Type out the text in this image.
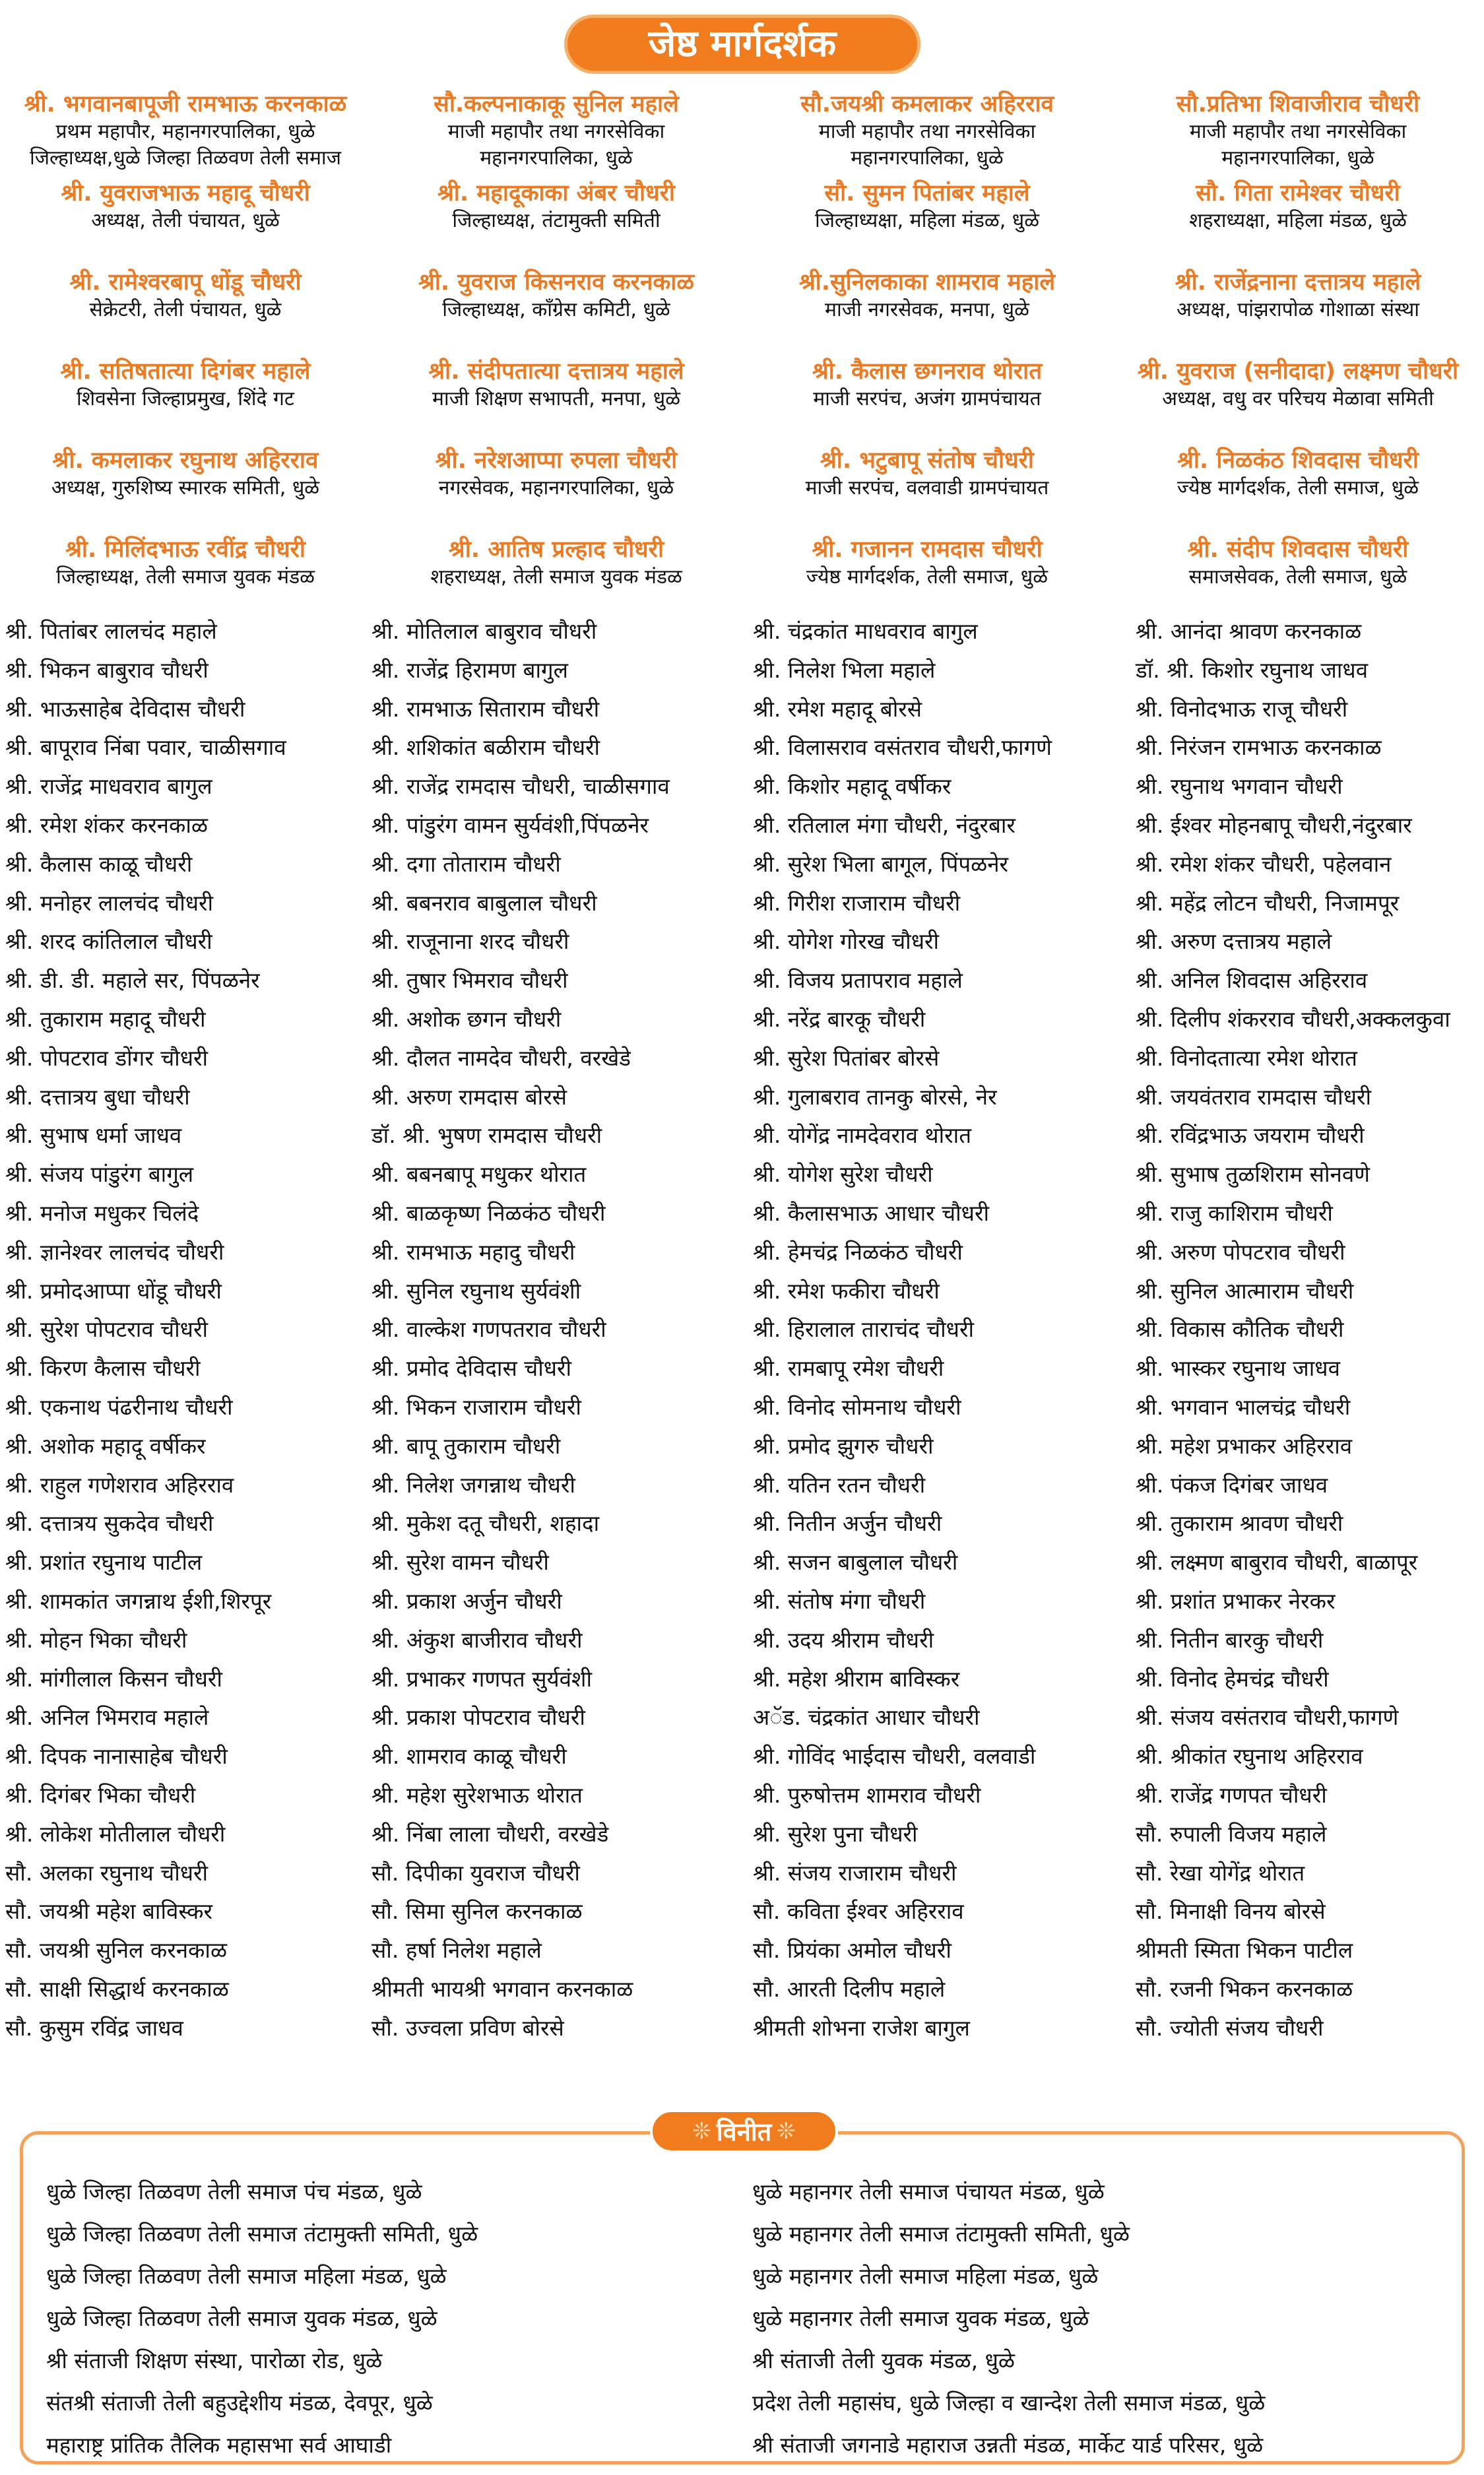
जेष्ठ मार्गदर्शक
श्री. भगवानबापूजी रामभाऊ करनकाळ
प्रथम महापौर, महानगरपालिका, धुळे
जिल्हाध्यक्ष,धुळे जिल्हा तिळवण तेली समाज
सौ.कल्पनाकाकू सुनिल महाले
माजी महापौर तथा नगरसेविका
महानगरपालिका, धुळे
सौ.जयश्री कमलाकर अहिरराव
माजी महापौर तथा नगरसेविका
महानगरपालिका, धुळे
सौ.प्रतिभा शिवाजीराव चौधरी
माजी महापौर तथा नगरसेविका
महानगरपालिका, धुळे
श्री. युवराजभाऊ महादू चौधरी
अध्यक्ष, तेली पंचायत, धुळे
श्री. महादूकाका अंबर चौधरी
जिल्हाध्यक्ष, तंटामुक्ती समिती
सौ. सुमन पितांबर महाले
जिल्हाध्यक्षा, महिला मंडळ, धुळे
सौ. गिता रामेश्वर चौधरी
शहराध्यक्षा, महिला मंडळ, धुळे
श्री. रामेश्वरबापू धोंडू चौधरी
सेक्रेटरी, तेली पंचायत, धुळे
श्री. युवराज किसनराव करनकाळ
जिल्हाध्यक्ष, कॉंग्रेस कमिटी, धुळे
श्री.सुनिलकाका शामराव महाले
माजी नगरसेवक, मनपा, धुळे
श्री. राजेंद्रनाना दत्तात्रय महाले
अध्यक्ष, पांझरापोळ गोशाळा संस्था
श्री. सतिषतात्या दिगंबर महाले
शिवसेना जिल्हाप्रमुख, शिंदे गट
श्री. संदीपतात्या दत्तात्रय महाले
माजी शिक्षण सभापती, मनपा, धुळे
श्री. कैलास छगनराव थोरात
माजी सरपंच, अजंग ग्रामपंचायत
श्री. युवराज (सनीदादा) लक्ष्मण चौधरी
अध्यक्ष, वधु वर परिचय मेळावा समिती
श्री. कमलाकर रघुनाथ अहिरराव
अध्यक्ष, गुरुशिष्य स्मारक समिती, धुळे
श्री. नरेशआप्पा रुपला चौधरी
नगरसेवक, महानगरपालिका, धुळे
श्री. भटुबापू संतोष चौधरी
माजी सरपंच, वलवाडी ग्रामपंचायत
श्री. निळकंठ शिवदास चौधरी
ज्येष्ठ मार्गदर्शक, तेली समाज, धुळे
श्री. मिलिंदभाऊ रवींद्र चौधरी
जिल्हाध्यक्ष, तेली समाज युवक मंडळ
श्री. आतिष प्रल्हाद चौधरी
शहराध्यक्ष, तेली समाज युवक मंडळ
श्री. गजानन रामदास चौधरी
ज्येष्ठ मार्गदर्शक, तेली समाज, धुळे
श्री. संदीप शिवदास चौधरी
समाजसेवक, तेली समाज, धुळे
श्री. पितांबर लालचंद महाले
श्री. भिकन बाबुराव चौधरी
श्री. भाऊसाहेब देविदास चौधरी
श्री. बापूराव निंबा पवार, चाळीसगाव
श्री. राजेंद्र माधवराव बागुल
श्री. रमेश शंकर करनकाळ
श्री. कैलास काळू चौधरी
श्री. मनोहर लालचंद चौधरी
श्री. शरद कांतिलाल चौधरी
श्री. डी. डी. महाले सर, पिंपळनेर
श्री. तुकाराम महादू चौधरी
श्री. पोपटराव डोंगर चौधरी
श्री. दत्तात्रय बुधा चौधरी
श्री. सुभाष धर्मा जाधव
श्री. संजय पांडुरंग बागुल
श्री. मनोज मधुकर चिलंदे
श्री. ज्ञानेश्वर लालचंद चौधरी
श्री. प्रमोदआप्पा धोंडू चौधरी
श्री. सुरेश पोपटराव चौधरी
श्री. किरण कैलास चौधरी
श्री. एकनाथ पंढरीनाथ चौधरी
श्री. अशोक महादू वर्षीकर
श्री. राहुल गणेशराव अहिरराव
श्री. दत्तात्रय सुकदेव चौधरी
श्री. प्रशांत रघुनाथ पाटील
श्री. शामकांत जगन्नाथ ईशी,शिरपूर
श्री. मोहन भिका चौधरी
श्री. मांगीलाल किसन चौधरी
श्री. अनिल भिमराव महाले
श्री. दिपक नानासाहेब चौधरी
श्री. दिगंबर भिका चौधरी
श्री. लोकेश मोतीलाल चौधरी
सौ. अलका रघुनाथ चौधरी
सौ. जयश्री महेश बाविस्कर
सौ. जयश्री सुनिल करनकाळ
सौ. साक्षी सिद्धार्थ करनकाळ
सौ. कुसुम रविंद्र जाधव
श्री. मोतिलाल बाबुराव चौधरी
श्री. राजेंद्र हिरामण बागुल
श्री. रामभाऊ सिताराम चौधरी
श्री. शशिकांत बळीराम चौधरी
श्री. राजेंद्र रामदास चौधरी, चाळीसगाव
श्री. पांडुरंग वामन सुर्यवंशी,पिंपळनेर
श्री. दगा तोताराम चौधरी
श्री. बबनराव बाबुलाल चौधरी
श्री. राजूनाना शरद चौधरी
श्री. तुषार भिमराव चौधरी
श्री. अशोक छगन चौधरी
श्री. दौलत नामदेव चौधरी, वरखेडे
श्री. अरुण रामदास बोरसे
डॉ. श्री. भुषण रामदास चौधरी
श्री. बबनबापू मधुकर थोरात
श्री. बाळकृष्ण निळकंठ चौधरी
श्री. रामभाऊ महादु चौधरी
श्री. सुनिल रघुनाथ सुर्यवंशी
श्री. वाल्केश गणपतराव चौधरी
श्री. प्रमोद देविदास चौधरी
श्री. भिकन राजाराम चौधरी
श्री. बापू तुकाराम चौधरी
श्री. निलेश जगन्नाथ चौधरी
श्री. मुकेश दतू चौधरी, शहादा
श्री. सुरेश वामन चौधरी
श्री. प्रकाश अर्जुन चौधरी
श्री. अंकुश बाजीराव चौधरी
श्री. प्रभाकर गणपत सुर्यवंशी
श्री. प्रकाश पोपटराव चौधरी
श्री. शामराव काळू चौधरी
श्री. महेश सुरेशभाऊ थोरात
श्री. निंबा लाला चौधरी, वरखेडे
सौ. दिपीका युवराज चौधरी
सौ. सिमा सुनिल करनकाळ
सौ. हर्षा निलेश महाले
श्रीमती भायश्री भगवान करनकाळ
सौ. उज्वला प्रविण बोरसे
श्री. चंद्रकांत माधवराव बागुल
श्री. निलेश भिला महाले
श्री. रमेश महादू बोरसे
श्री. विलासराव वसंतराव चौधरी,फागणे
श्री. किशोर महादू वर्षीकर
श्री. रतिलाल मंगा चौधरी, नंदुरबार
श्री. सुरेश भिला बागूल, पिंपळनेर
श्री. गिरीश राजाराम चौधरी
श्री. योगेश गोरख चौधरी
श्री. विजय प्रतापराव महाले
श्री. नरेंद्र बारकू चौधरी
श्री. सुरेश पितांबर बोरसे
श्री. गुलाबराव तानकु बोरसे, नेर
श्री. योगेंद्र नामदेवराव थोरात
श्री. योगेश सुरेश चौधरी
श्री. कैलासभाऊ आधार चौधरी
श्री. हेमचंद्र निळकंठ चौधरी
श्री. रमेश फकीरा चौधरी
श्री. हिरालाल ताराचंद चौधरी
श्री. रामबापू रमेश चौधरी
श्री. विनोद सोमनाथ चौधरी
श्री. प्रमोद झुगरु चौधरी
श्री. यतिन रतन चौधरी
श्री. नितीन अर्जुन चौधरी
श्री. सजन बाबुलाल चौधरी
श्री. संतोष मंगा चौधरी
श्री. उदय श्रीराम चौधरी
श्री. महेश श्रीराम बाविस्कर
अॅड. चंद्रकांत आधार चौधरी
श्री. गोविंद भाईदास चौधरी, वलवाडी
श्री. पुरुषोत्तम शामराव चौधरी
श्री. सुरेश पुना चौधरी
श्री. संजय राजाराम चौधरी
सौ. कविता ईश्वर अहिरराव
सौ. प्रियंका अमोल चौधरी
सौ. आरती दिलीप महाले
श्रीमती शोभना राजेश बागुल
श्री. आनंदा श्रावण करनकाळ
डॉ. श्री. किशोर रघुनाथ जाधव
श्री. विनोदभाऊ राजू चौधरी
श्री. निरंजन रामभाऊ करनकाळ
श्री. रघुनाथ भगवान चौधरी
श्री. ईश्वर मोहनबापू चौधरी,नंदुरबार
श्री. रमेश शंकर चौधरी, पहेलवान
श्री. महेंद्र लोटन चौधरी, निजामपूर
श्री. अरुण दत्तात्रय महाले
श्री. अनिल शिवदास अहिरराव
श्री. दिलीप शंकरराव चौधरी,अक्कलकुवा
श्री. विनोदतात्या रमेश थोरात
श्री. जयवंतराव रामदास चौधरी
श्री. रविंद्रभाऊ जयराम चौधरी
श्री. सुभाष तुळशिराम सोनवणे
श्री. राजु काशिराम चौधरी
श्री. अरुण पोपटराव चौधरी
श्री. सुनिल आत्माराम चौधरी
श्री. विकास कौतिक चौधरी
श्री. भास्कर रघुनाथ जाधव
श्री. भगवान भालचंद्र चौधरी
श्री. महेश प्रभाकर अहिरराव
श्री. पंकज दिगंबर जाधव
श्री. तुकाराम श्रावण चौधरी
श्री. लक्ष्मण बाबुराव चौधरी, बाळापूर
श्री. प्रशांत प्रभाकर नेरकर
श्री. नितीन बारकु चौधरी
श्री. विनोद हेमचंद्र चौधरी
श्री. संजय वसंतराव चौधरी,फागणे
श्री. श्रीकांत रघुनाथ अहिरराव
श्री. राजेंद्र गणपत चौधरी
सौ. रुपाली विजय महाले
सौ. रेखा योगेंद्र थोरात
सौ. मिनाक्षी विनय बोरसे
श्रीमती स्मिता भिकन पाटील
सौ. रजनी भिकन करनकाळ
सौ. ज्योती संजय चौधरी
❊ विनीत ❊
धुळे जिल्हा तिळवण तेली समाज पंच मंडळ, धुळे
धुळे जिल्हा तिळवण तेली समाज तंटामुक्ती समिती, धुळे
धुळे जिल्हा तिळवण तेली समाज महिला मंडळ, धुळे
धुळे जिल्हा तिळवण तेली समाज युवक मंडळ, धुळे
श्री संताजी शिक्षण संस्था, पारोळा रोड, धुळे
संतश्री संताजी तेली बहुउद्देशीय मंडळ, देवपूर, धुळे
महाराष्ट्र प्रांतिक तैलिक महासभा सर्व आघाडी
धुळे महानगर तेली समाज पंचायत मंडळ, धुळे
धुळे महानगर तेली समाज तंटामुक्ती समिती, धुळे
धुळे महानगर तेली समाज महिला मंडळ, धुळे
धुळे महानगर तेली समाज युवक मंडळ, धुळे
श्री संताजी तेली युवक मंडळ, धुळे
प्रदेश तेली महासंघ, धुळे जिल्हा व खान्देश तेली समाज मंडळ, धुळे
श्री संताजी जगनाडे महाराज उन्नती मंडळ, मार्केट यार्ड परिसर, धुळे
